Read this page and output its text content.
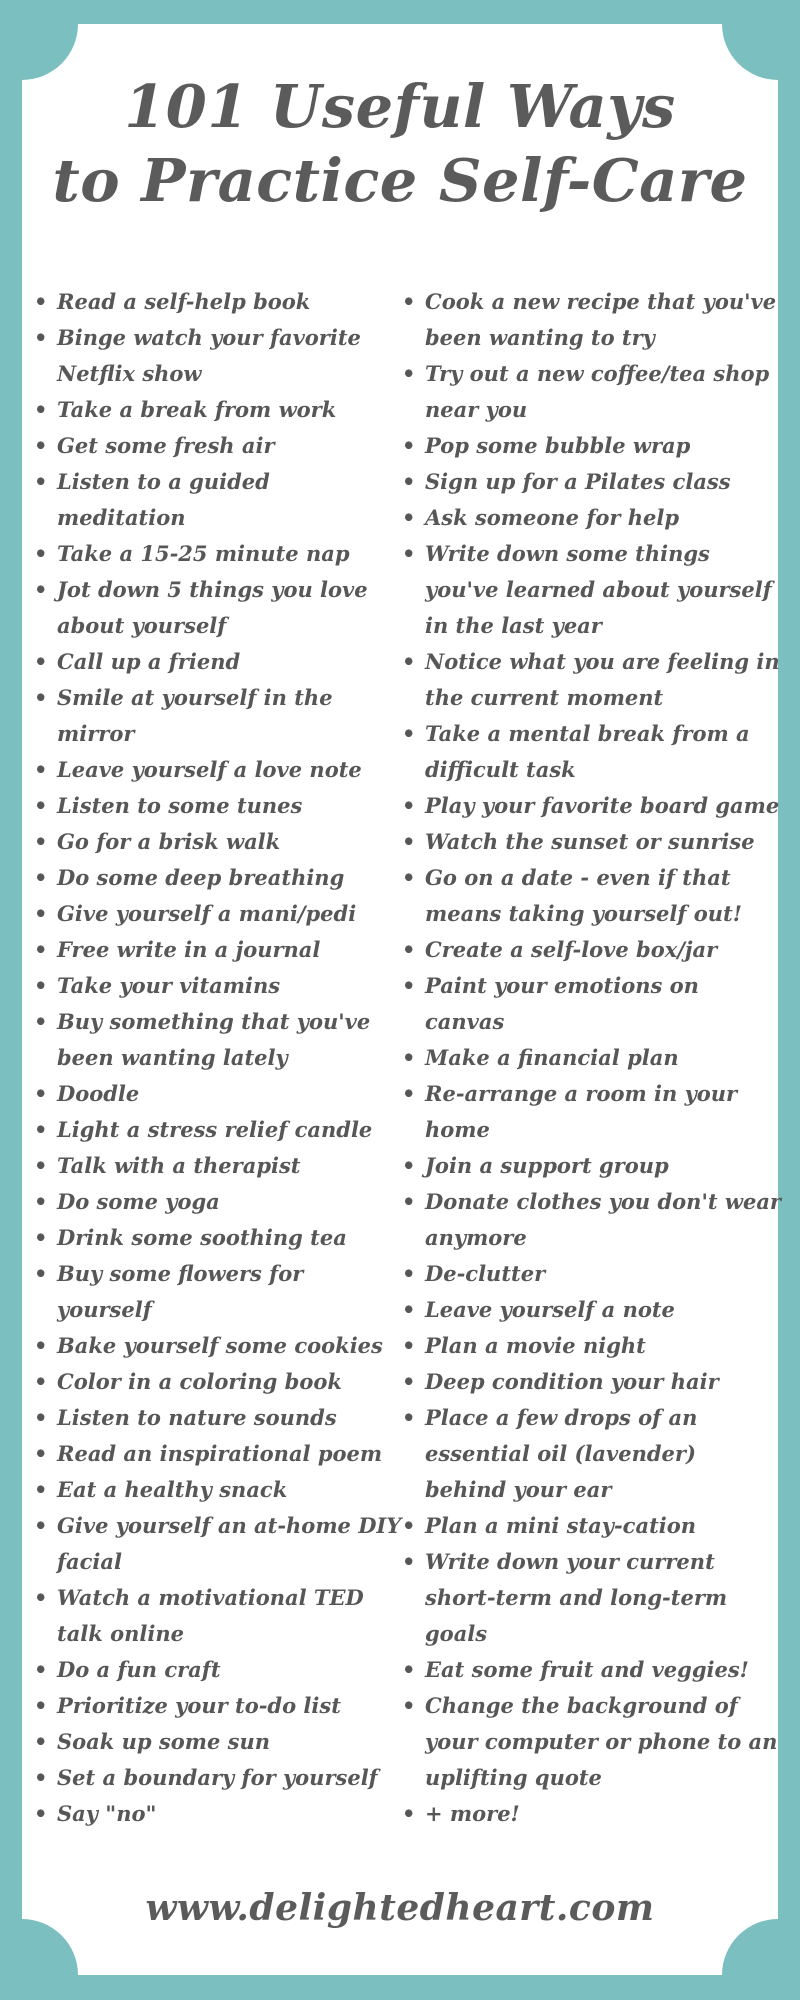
101 Useful Ways
to Practice Self-Care
• Read a self-help book
• Binge watch your favorite Netflix show
• Take a break from work
• Get some fresh air
• Listen to a guided meditation
• Take a 15-25 minute nap
• Jot down 5 things you love about yourself
• Call up a friend
• Smile at yourself in the mirror
• Leave yourself a love note
• Listen to some tunes
• Go for a brisk walk
• Do some deep breathing
• Give yourself a mani/pedi
• Free write in a journal
• Take your vitamins
• Buy something that you've been wanting lately
• Doodle
• Light a stress relief candle
• Talk with a therapist
• Do some yoga
• Drink some soothing tea
• Buy some flowers for yourself
• Bake yourself some cookies
• Color in a coloring book
• Listen to nature sounds
• Read an inspirational poem
• Eat a healthy snack
• Give yourself an at-home DIY facial
• Watch a motivational TED talk online
• Do a fun craft
• Prioritize your to-do list
• Soak up some sun
• Set a boundary for yourself
• Say "no"
• Cook a new recipe that you've been wanting to try
• Try out a new coffee/tea shop near you
• Pop some bubble wrap
• Sign up for a Pilates class
• Ask someone for help
• Write down some things you've learned about yourself in the last year
• Notice what you are feeling in the current moment
• Take a mental break from a difficult task
• Play your favorite board game
• Watch the sunset or sunrise
• Go on a date - even if that means taking yourself out!
• Create a self-love box/jar
• Paint your emotions on canvas
• Make a financial plan
• Re-arrange a room in your home
• Join a support group
• Donate clothes you don't wear anymore
• De-clutter
• Leave yourself a note
• Plan a movie night
• Deep condition your hair
• Place a few drops of an essential oil (lavender) behind your ear
• Plan a mini stay-cation
• Write down your current short-term and long-term goals
• Eat some fruit and veggies!
• Change the background of your computer or phone to an uplifting quote
• + more!
www.delightedheart.com
